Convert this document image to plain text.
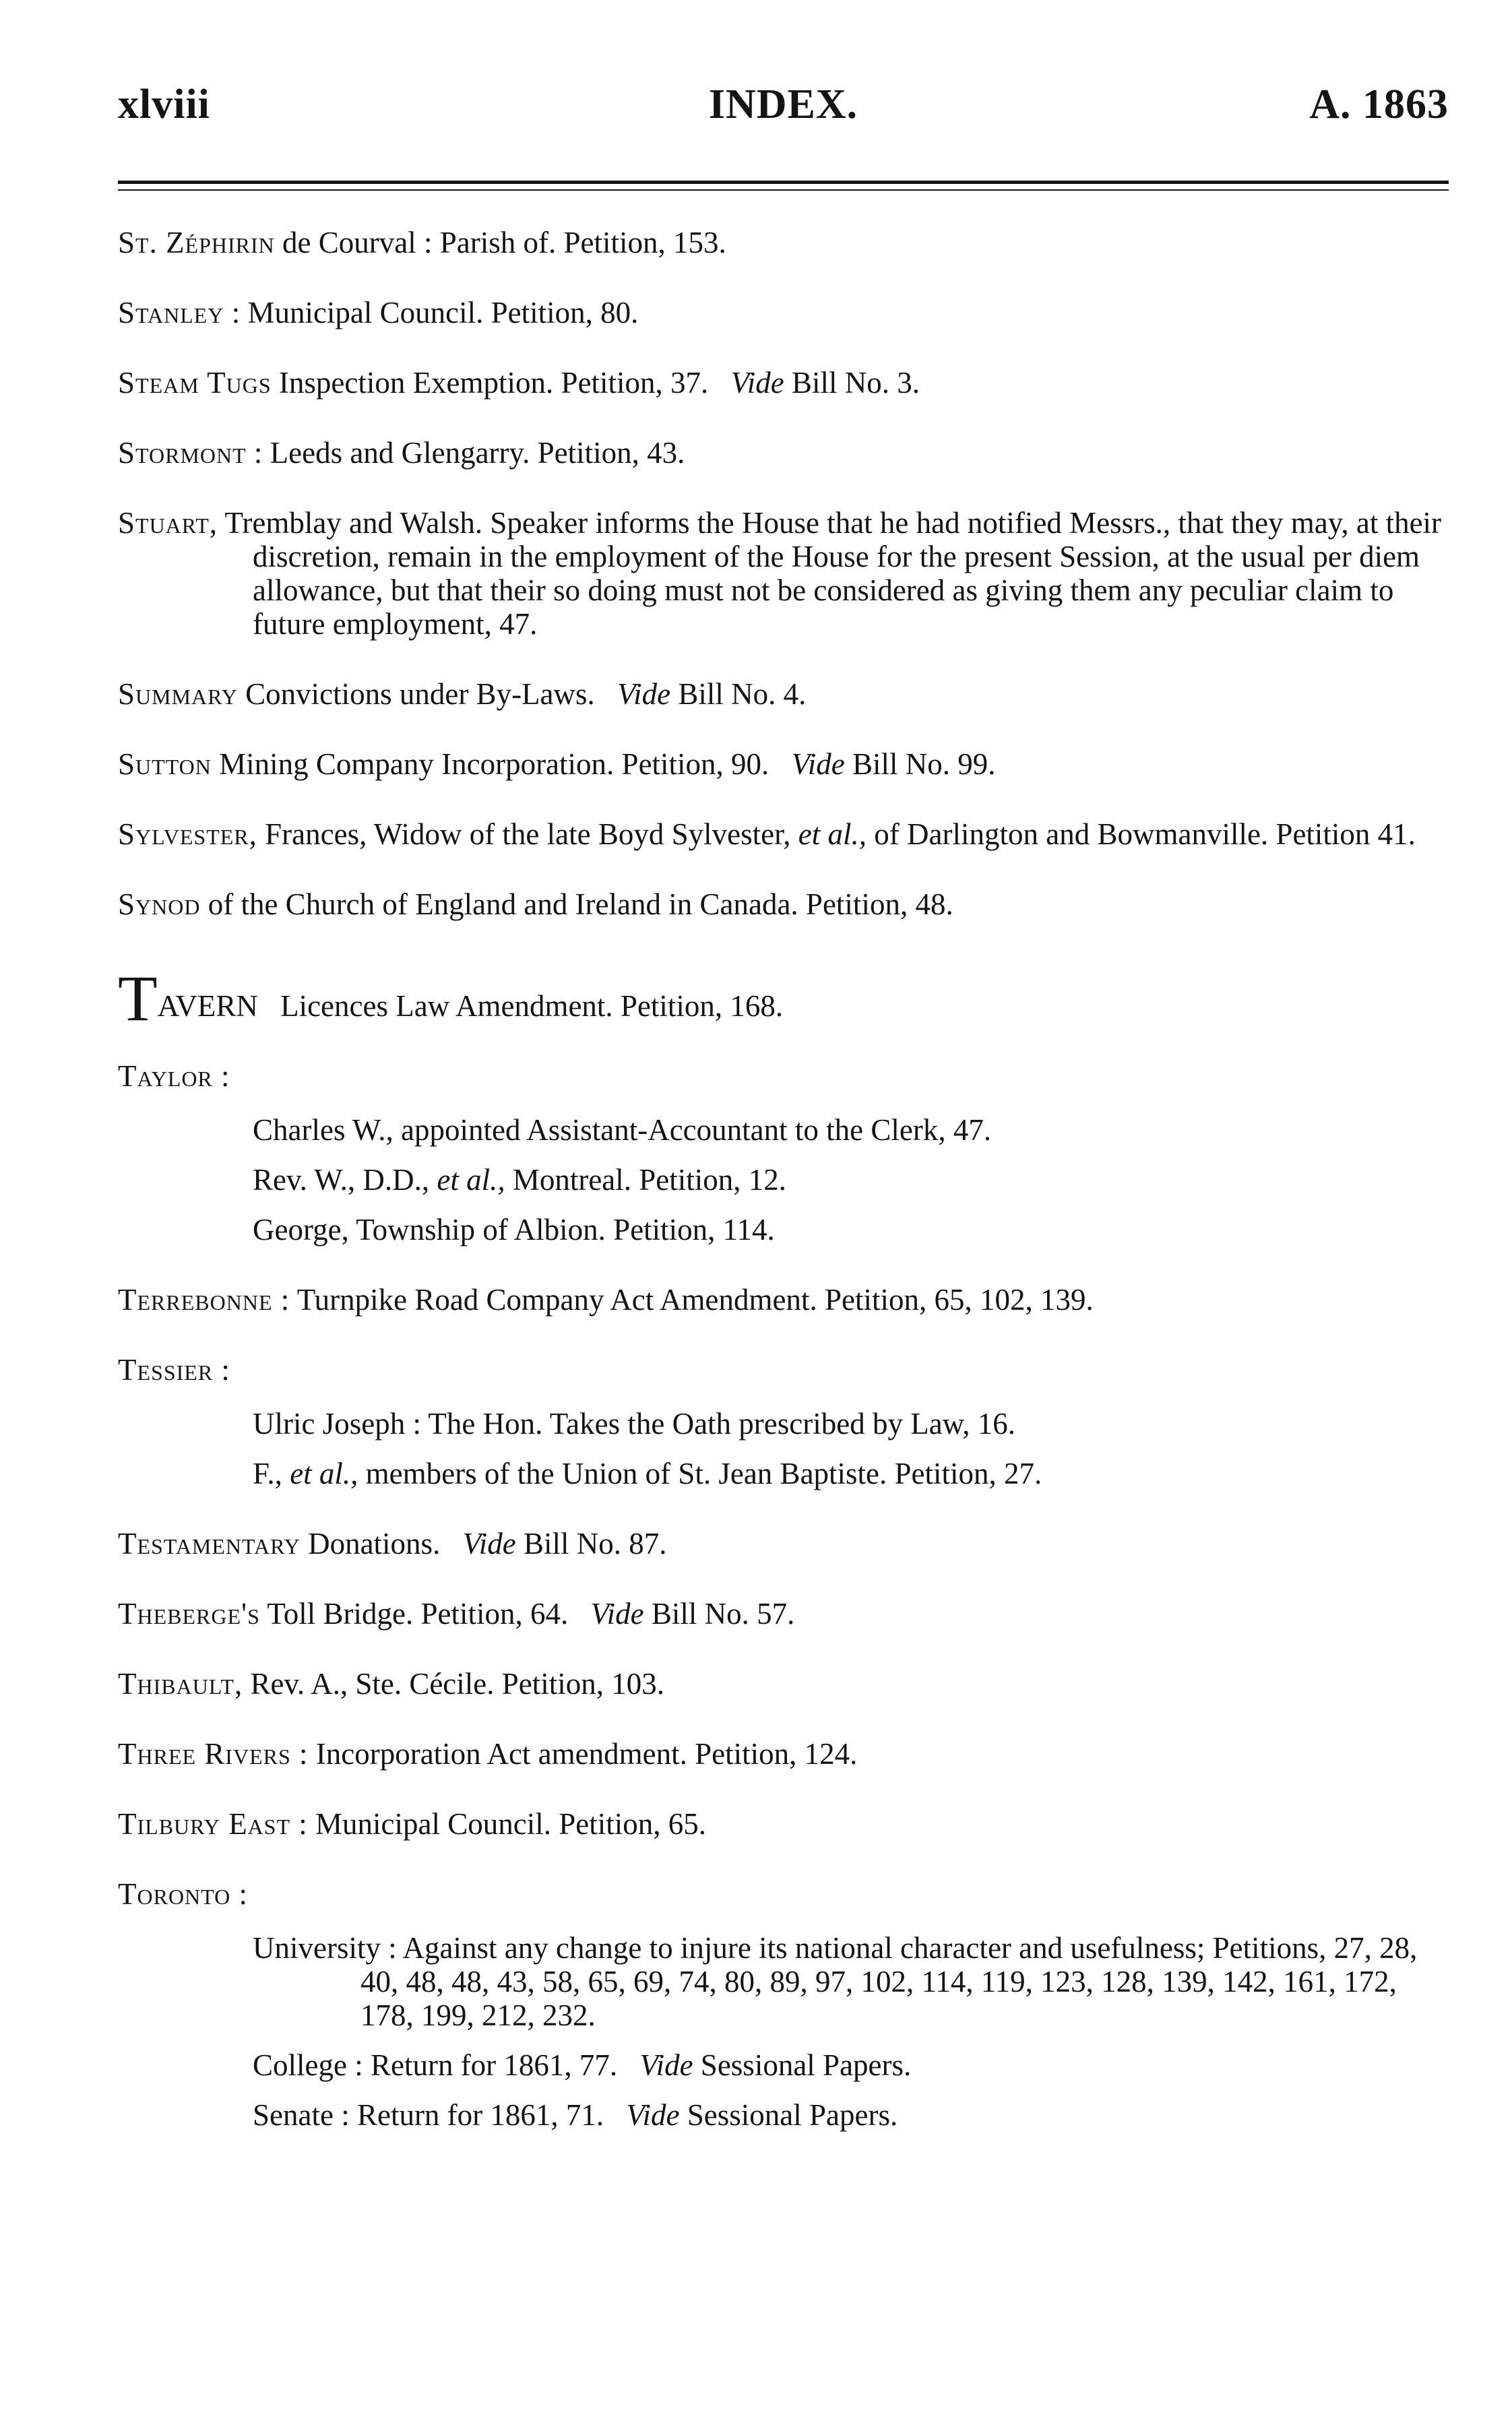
xlviii	INDEX.	A. 1863

St. Zéphirin de Courval : Parish of. Petition, 153.

Stanley : Municipal Council. Petition, 80.

Steam Tugs Inspection Exemption. Petition, 37. Vide Bill No. 3.

Stormont : Leeds and Glengarry. Petition, 43.

Stuart, Tremblay and Walsh. Speaker informs the House that he had notified Messrs., that they may, at their discretion, remain in the employment of the House for the present Session, at the usual per diem allowance, but that their so doing must not be considered as giving them any peculiar claim to future employment, 47.

Summary Convictions under By-Laws. Vide Bill No. 4.

Sutton Mining Company Incorporation. Petition, 90. Vide Bill No. 99.

Sylvester, Frances, Widow of the late Boyd Sylvester, et al., of Darlington and Bowmanville. Petition 41.

Synod of the Church of England and Ireland in Canada. Petition, 48.

TAVERN Licences Law Amendment. Petition, 168.

Taylor :
Charles W., appointed Assistant-Accountant to the Clerk, 47.
Rev. W., D.D., et al., Montreal. Petition, 12.
George, Township of Albion. Petition, 114.

Terrebonne : Turnpike Road Company Act Amendment. Petition, 65, 102, 139.

Tessier :
Ulric Joseph : The Hon. Takes the Oath prescribed by Law, 16.
F., et al., members of the Union of St. Jean Baptiste. Petition, 27.

Testamentary Donations. Vide Bill No. 87.

Theberge's Toll Bridge. Petition, 64. Vide Bill No. 57.

Thibault, Rev. A., Ste. Cécile. Petition, 103.

Three Rivers : Incorporation Act amendment. Petition, 124.

Tilbury East : Municipal Council. Petition, 65.

Toronto :
University : Against any change to injure its national character and usefulness; Petitions, 27, 28, 40, 48, 48, 43, 58, 65, 69, 74, 80, 89, 97, 102, 114, 119, 123, 128, 139, 142, 161, 172, 178, 199, 212, 232.
College : Return for 1861, 77. Vide Sessional Papers.
Senate : Return for 1861, 71. Vide Sessional Papers.
